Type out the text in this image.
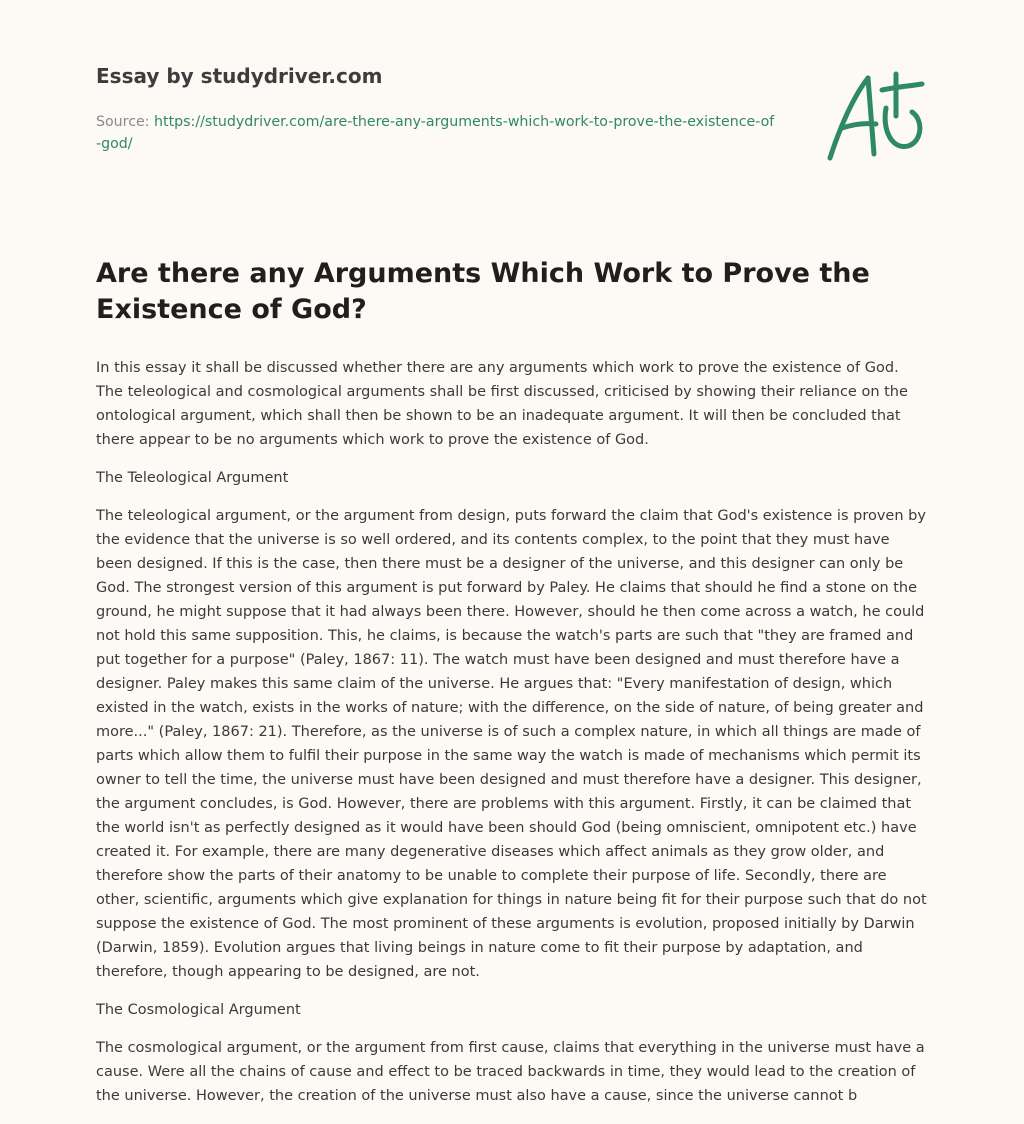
Essay by studydriver.com

Source: https://studydriver.com/are-there-any-arguments-which-work-to-prove-the-existence-of-god/

Are there any Arguments Which Work to Prove the Existence of God?

In this essay it shall be discussed whether there are any arguments which work to prove the existence of God. The teleological and cosmological arguments shall be first discussed, criticised by showing their reliance on the ontological argument, which shall then be shown to be an inadequate argument. It will then be concluded that there appear to be no arguments which work to prove the existence of God.

The Teleological Argument

The teleological argument, or the argument from design, puts forward the claim that God's existence is proven by the evidence that the universe is so well ordered, and its contents complex, to the point that they must have been designed. If this is the case, then there must be a designer of the universe, and this designer can only be God. The strongest version of this argument is put forward by Paley. He claims that should he find a stone on the ground, he might suppose that it had always been there. However, should he then come across a watch, he could not hold this same supposition. This, he claims, is because the watch's parts are such that "they are framed and put together for a purpose" (Paley, 1867: 11). The watch must have been designed and must therefore have a designer. Paley makes this same claim of the universe. He argues that: "Every manifestation of design, which existed in the watch, exists in the works of nature; with the difference, on the side of nature, of being greater and more..." (Paley, 1867: 21). Therefore, as the universe is of such a complex nature, in which all things are made of parts which allow them to fulfil their purpose in the same way the watch is made of mechanisms which permit its owner to tell the time, the universe must have been designed and must therefore have a designer. This designer, the argument concludes, is God. However, there are problems with this argument. Firstly, it can be claimed that the world isn't as perfectly designed as it would have been should God (being omniscient, omnipotent etc.) have created it. For example, there are many degenerative diseases which affect animals as they grow older, and therefore show the parts of their anatomy to be unable to complete their purpose of life. Secondly, there are other, scientific, arguments which give explanation for things in nature being fit for their purpose such that do not suppose the existence of God. The most prominent of these arguments is evolution, proposed initially by Darwin (Darwin, 1859). Evolution argues that living beings in nature come to fit their purpose by adaptation, and therefore, though appearing to be designed, are not.

The Cosmological Argument

The cosmological argument, or the argument from first cause, claims that everything in the universe must have a cause. Were all the chains of cause and effect to be traced backwards in time, they would lead to the creation of the universe. However, the creation of the universe must also have a cause, since the universe cannot b
